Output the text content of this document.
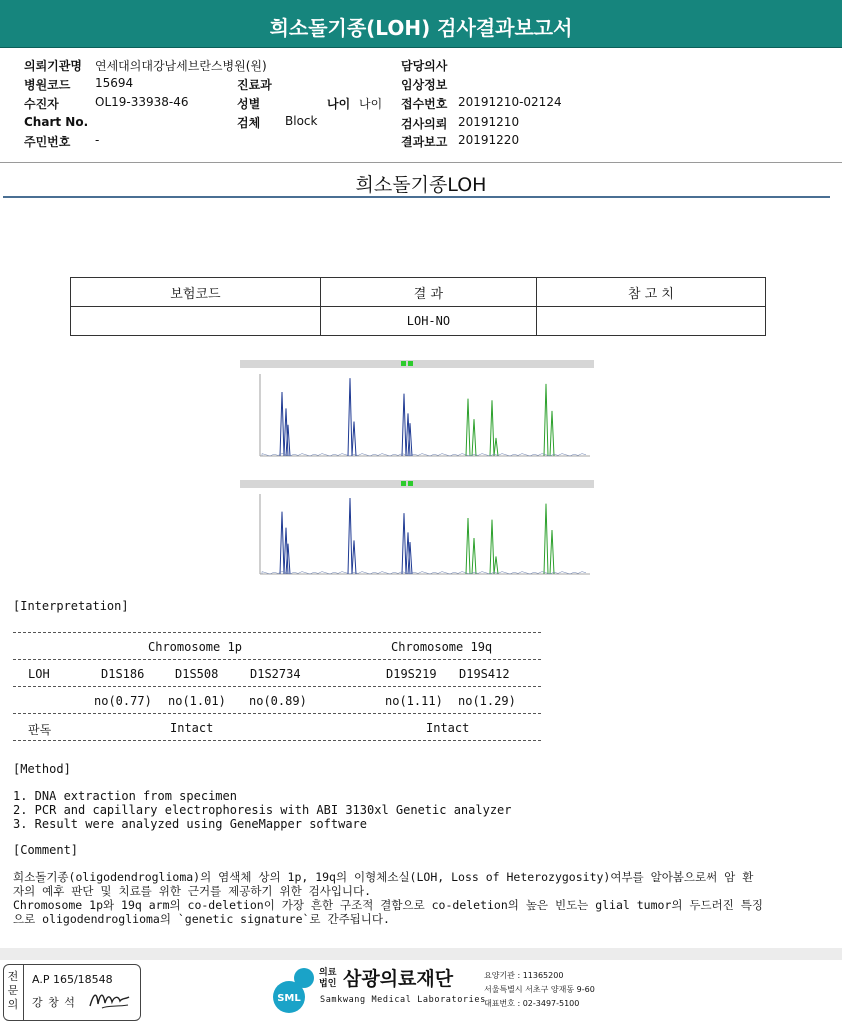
희소돌기종(LOH) 검사결과보고서
의뢰기관명 연세대의대강남세브란스병원(원)
병원코드 15694
수진자	OL19-33938-46
Chart No.
주민번호 -
진료과
성별	나이 나이
검체 Block
담당의사
임상정보
접수번호 20191210-02124
검사의뢰 20191210
결과보고 20191220
희소돌기종LOH
보험코드	결 과	참 고 치
	LOH-NO	
[Interpretation]
Chromosome 1p	Chromosome 19q
LOH	D1S186	D1S508	D1S2734	D19S219 D19S412
no(0.77) no(1.01) no(0.89)	no(1.11) no(1.29)
판독	Intact	Intact
[Method]
1. DNA extraction from specimen
2. PCR and capillary electrophoresis with ABI 3130xl Genetic analyzer
3. Result were analyzed using GeneMapper software
[Comment]
희소돌기종(oligodendroglioma)의 염색체 상의 1p, 19q의 이형체소실(LOH, Loss of Heterozygosity)여부를 알아봄으로써 암 환
자의 예후 판단 및 치료를 위한 근거를 제공하기 위한 검사입니다.
Chromosome 1p와 19q arm의 co-deletion이 가장 흔한 구조적 결함으로 co-deletion의 높은 빈도는 glial tumor의 두드러진 특징
으로 oligodendroglioma의 `genetic signature`로 간주됩니다.
전문의
A.P 165/18548
강 창 석	SML
의료
법인 삼광의료재단
Samkwang Medical Laboratories
요양기관 : 11365200
서울특별시 서초구 양재동 9-60
대표번호 : 02-3497-5100
